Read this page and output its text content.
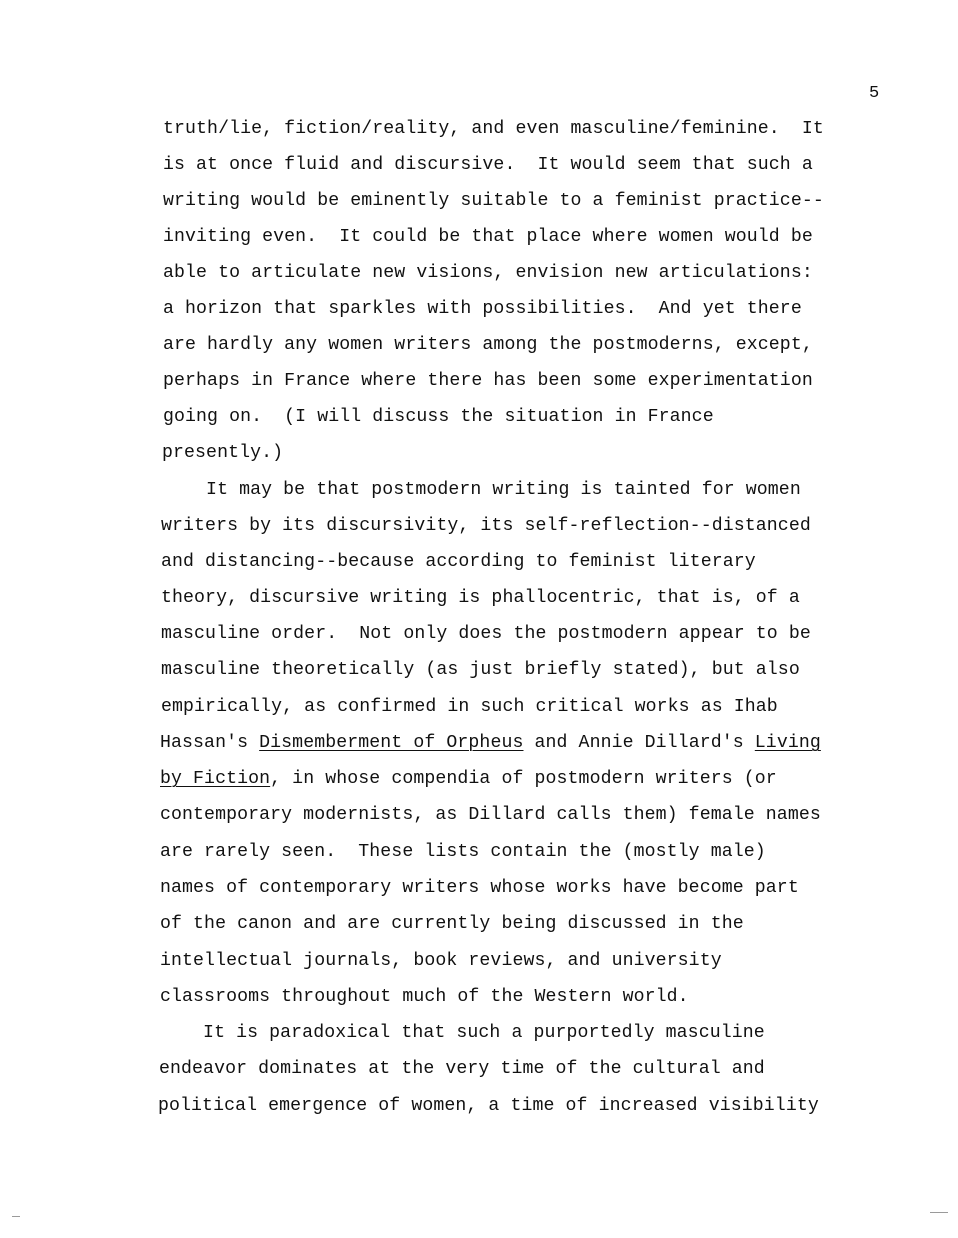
5
truth/lie, fiction/reality, and even masculine/feminine.  It
is at once fluid and discursive.  It would seem that such a
writing would be eminently suitable to a feminist practice--
inviting even.  It could be that place where women would be
able to articulate new visions, envision new articulations:
a horizon that sparkles with possibilities.  And yet there
are hardly any women writers among the postmoderns, except,
perhaps in France where there has been some experimentation
going on.  (I will discuss the situation in France
presently.)
It may be that postmodern writing is tainted for women
writers by its discursivity, its self-reflection--distanced
and distancing--because according to feminist literary
theory, discursive writing is phallocentric, that is, of a
masculine order.  Not only does the postmodern appear to be
masculine theoretically (as just briefly stated), but also
empirically, as confirmed in such critical works as Ihab
Hassan's Dismemberment of Orpheus and Annie Dillard's Living
by Fiction, in whose compendia of postmodern writers (or
contemporary modernists, as Dillard calls them) female names
are rarely seen.  These lists contain the (mostly male)
names of contemporary writers whose works have become part
of the canon and are currently being discussed in the
intellectual journals, book reviews, and university
classrooms throughout much of the Western world.
It is paradoxical that such a purportedly masculine
endeavor dominates at the very time of the cultural and
political emergence of women, a time of increased visibility
